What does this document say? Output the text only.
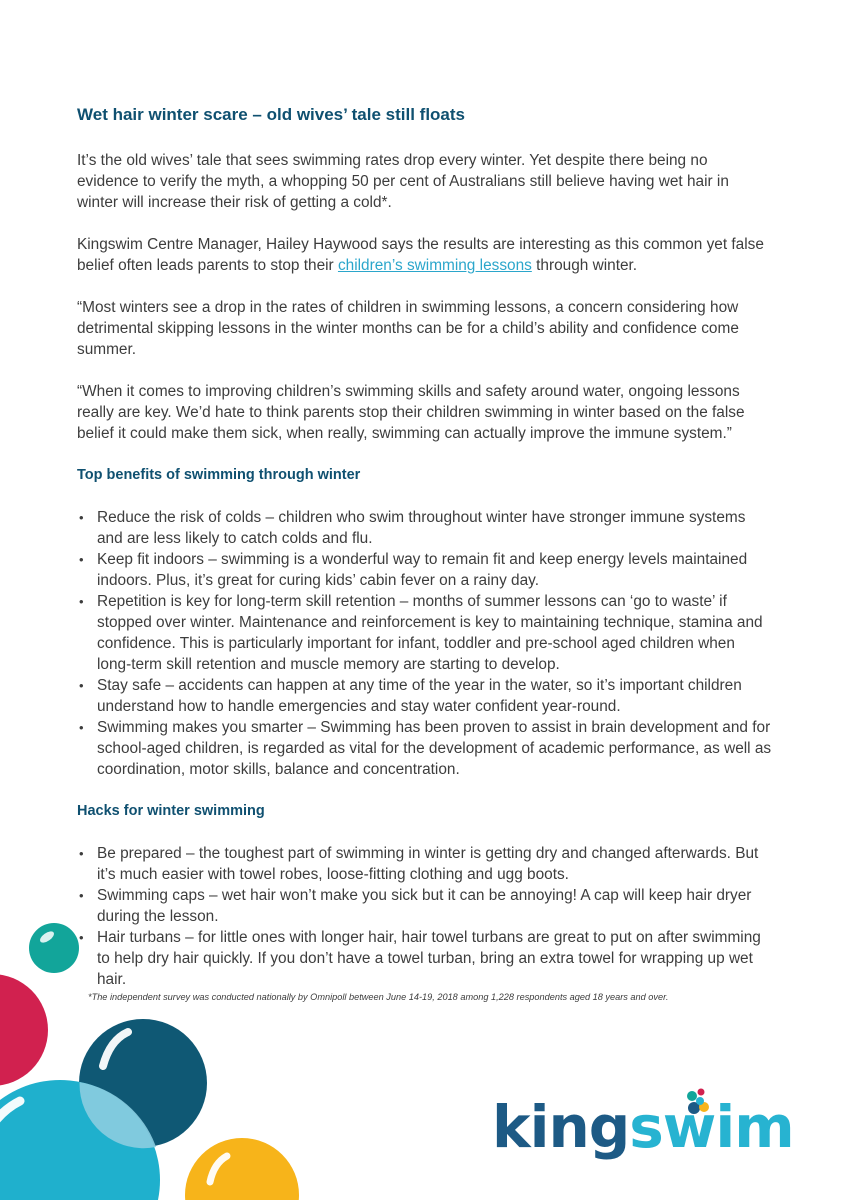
Wet hair winter scare – old wives’ tale still floats

It’s the old wives’ tale that sees swimming rates drop every winter. Yet despite there being no evidence to verify the myth, a whopping 50 per cent of Australians still believe having wet hair in winter will increase their risk of getting a cold*.

Kingswim Centre Manager, Hailey Haywood says the results are interesting as this common yet false belief often leads parents to stop their children’s swimming lessons through winter.

“Most winters see a drop in the rates of children in swimming lessons, a concern considering how detrimental skipping lessons in the winter months can be for a child’s ability and confidence come summer.

“When it comes to improving children’s swimming skills and safety around water, ongoing lessons really are key. We’d hate to think parents stop their children swimming in winter based on the false belief it could make them sick, when really, swimming can actually improve the immune system.”

Top benefits of swimming through winter
• Reduce the risk of colds – children who swim throughout winter have stronger immune systems and are less likely to catch colds and flu.
• Keep fit indoors – swimming is a wonderful way to remain fit and keep energy levels maintained indoors. Plus, it’s great for curing kids’ cabin fever on a rainy day.
• Repetition is key for long-term skill retention – months of summer lessons can ‘go to waste’ if stopped over winter. Maintenance and reinforcement is key to maintaining technique, stamina and confidence. This is particularly important for infant, toddler and pre-school aged children when long-term skill retention and muscle memory are starting to develop.
• Stay safe – accidents can happen at any time of the year in the water, so it’s important children understand how to handle emergencies and stay water confident year-round.
• Swimming makes you smarter – Swimming has been proven to assist in brain development and for school-aged children, is regarded as vital for the development of academic performance, as well as coordination, motor skills, balance and concentration.
Hacks for winter swimming
• Be prepared – the toughest part of swimming in winter is getting dry and changed afterwards. But it’s much easier with towel robes, loose-fitting clothing and ugg boots.
• Swimming caps – wet hair won’t make you sick but it can be annoying! A cap will keep hair dryer during the lesson.
• Hair turbans – for little ones with longer hair, hair towel turbans are great to put on after swimming to help dry hair quickly. If you don’t have a towel turban, bring an extra towel for wrapping up wet hair.
*The independent survey was conducted nationally by Omnipoll between June 14-19, 2018 among 1,228 respondents aged 18 years and over.
kingswim
